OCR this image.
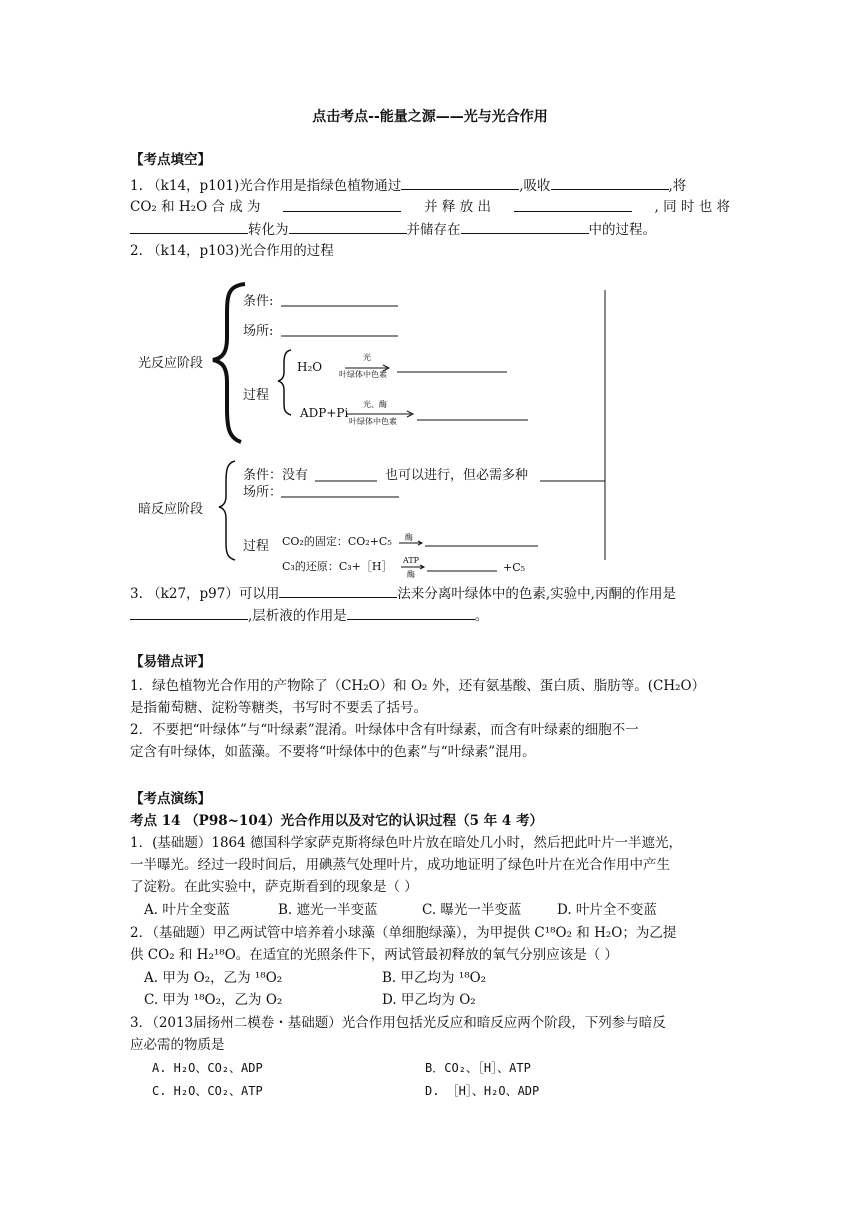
点击考点--能量之源——光与光合作用
【考点填空】
1. （k14，p101)光合作用是指绿色植物通过	,吸收	,将
CO₂ 和 H₂O 合 成 为	并 释 放 出	, 同 时 也 将
转化为	并储存在	中的过程。
2. （k14，p103)光合作用的过程
3. （k27，p97）可以用	法来分离叶绿体中的色素,实验中,丙酮的作用是
,层析液的作用是	。
【易错点评】
1．绿色植物光合作用的产物除了（CH₂O）和 O₂ 外，还有氨基酸、蛋白质、脂肪等。(CH₂O）
是指葡萄糖、淀粉等糖类，书写时不要丢了括号。
2．不要把“叶绿体”与“叶绿素”混淆。叶绿体中含有叶绿素，而含有叶绿素的细胞不一
定含有叶绿体，如蓝藻。不要将“叶绿体中的色素”与“叶绿素”混用。
【考点演练】
考点 14 （P98~104）光合作用以及对它的认识过程（5 年 4 考）
1．(基础题）1864 德国科学家萨克斯将绿色叶片放在暗处几小时，然后把此叶片一半遮光，
一半曝光。经过一段时间后，用碘蒸气处理叶片，成功地证明了绿色叶片在光合作用中产生
了淀粉。在此实验中，萨克斯看到的现象是（ ）
A. 叶片全变蓝	B. 遮光一半变蓝	C. 曝光一半变蓝	D. 叶片全不变蓝
2．（基础题）甲乙两试管中培养着小球藻（单细胞绿藻），为甲提供 C¹⁸O₂ 和 H₂O；为乙提
供 CO₂ 和 H₂¹⁸O。在适宜的光照条件下，两试管最初释放的氧气分别应该是（ ）
A. 甲为 O₂，乙为 ¹⁸O₂	B. 甲乙均为 ¹⁸O₂
C. 甲为 ¹⁸O₂，乙为 O₂	D. 甲乙均为 O₂
3．（2013届扬州二模卷・基础题）光合作用包括光反应和暗反应两个阶段，下列参与暗反
应必需的物质是
A. H₂O、CO₂、ADP	B．CO₂、［H］、ATP
C. H₂O、CO₂、ATP	D. ［H］、H₂O、ADP
光反应阶段
条件:
场所:
过程
H₂O
光
叶绿体中色素
ADP+Pi
光、酶
叶绿体中色素
暗反应阶段
条件：没有	也可以进行，但必需多种
场所：
过程 CO₂的固定：CO₂+C₅ 酶
C₃的还原：C₃+［H］ ATP
酶
+C₅
